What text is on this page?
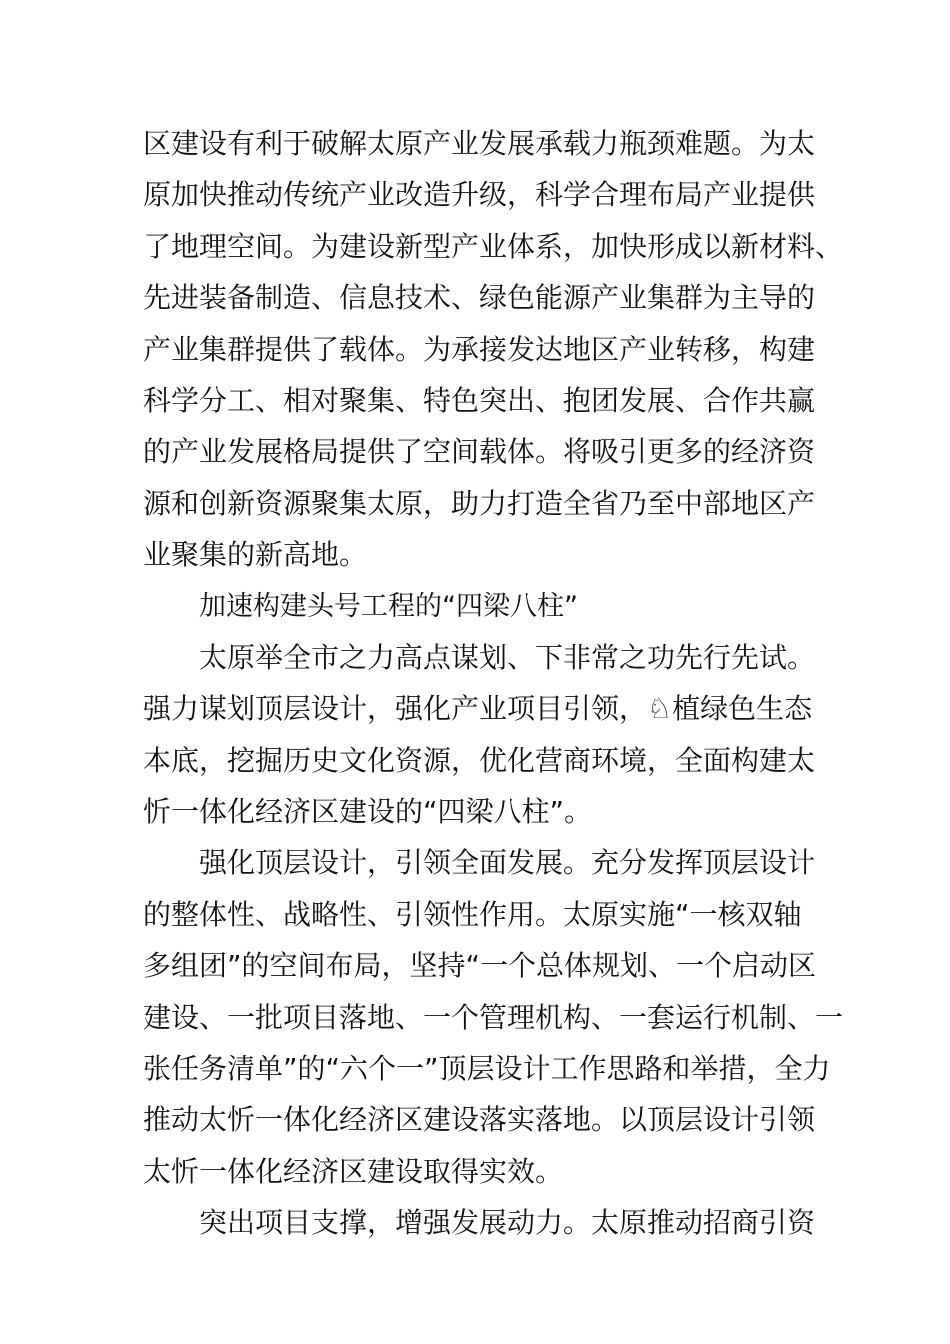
区建设有利于破解太原产业发展承载力瓶颈难题。为太
原加快推动传统产业改造升级，科学合理布局产业提供
了地理空间。为建设新型产业体系，加快形成以新材料、
先进装备制造、信息技术、绿色能源产业集群为主导的
产业集群提供了载体。为承接发达地区产业转移，构建
科学分工、相对聚集、特色突出、抱团发展、合作共赢
的产业发展格局提供了空间载体。将吸引更多的经济资
源和创新资源聚集太原，助力打造全省乃至中部地区产
业聚集的新高地。
加速构建头号工程的“四梁八柱”
太原举全市之力高点谋划、下非常之功先行先试。
强力谋划顶层设计，强化产业项目引领，♘植绿色生态
本底，挖掘历史文化资源，优化营商环境，全面构建太
忻一体化经济区建设的“四梁八柱”。
强化顶层设计，引领全面发展。充分发挥顶层设计
的整体性、战略性、引领性作用。太原实施“一核双轴
多组团”的空间布局，坚持“一个总体规划、一个启动区
建设、一批项目落地、一个管理机构、一套运行机制、一
张任务清单”的“六个一”顶层设计工作思路和举措，全力
推动太忻一体化经济区建设落实落地。以顶层设计引领
太忻一体化经济区建设取得实效。
突出项目支撑，增强发展动力。太原推动招商引资
